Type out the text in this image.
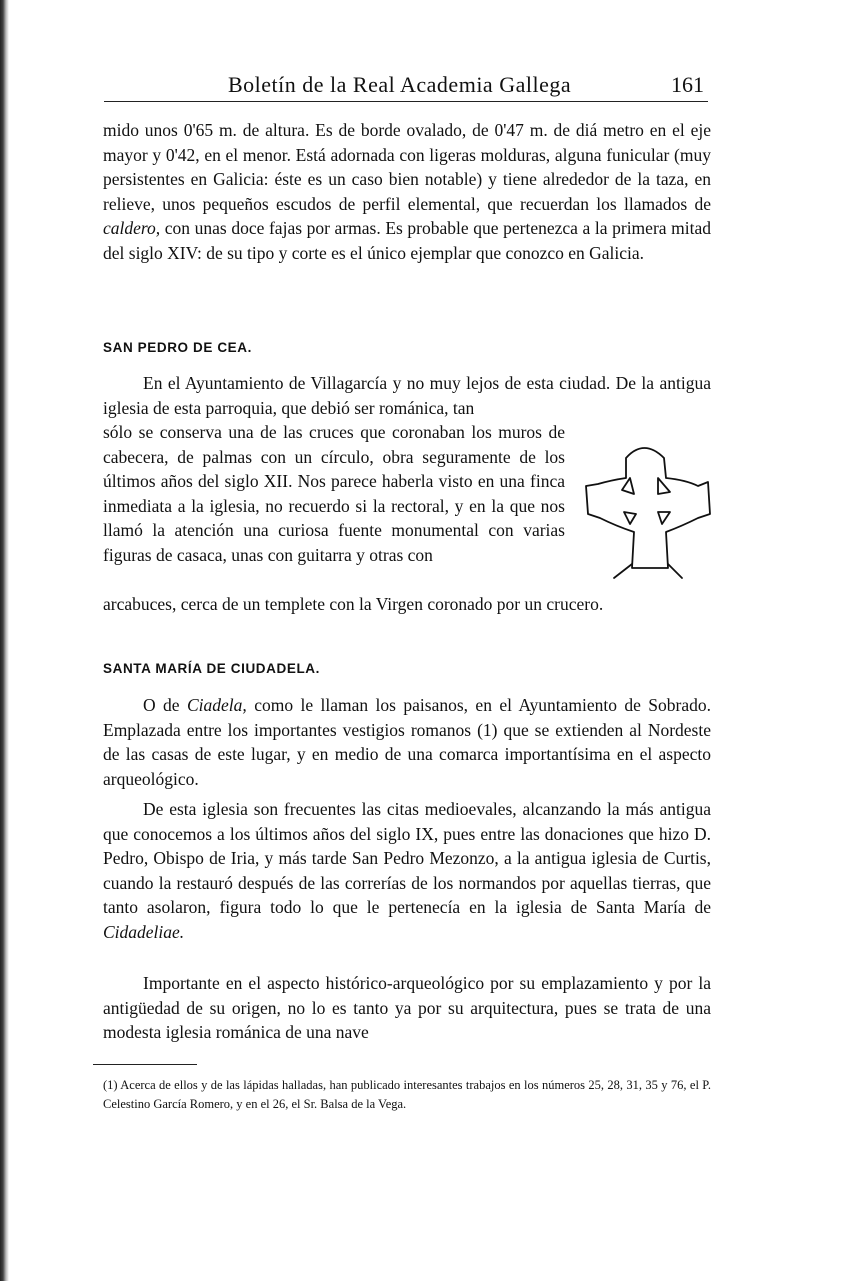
Boletín de la Real Academia Gallega	161

mido unos 0'65 m. de altura. Es de borde ovalado, de 0'47 m. de diá metro en el eje mayor y 0'42, en el menor. Está adornada con ligeras molduras, alguna funicular (muy persistentes en Galicia: éste es un caso bien notable) y tiene alrededor de la taza, en relieve, unos pequeños escudos de perfil elemental, que recuerdan los llamados de caldero, con unas doce fajas por armas. Es probable que pertenezca a la primera mitad del siglo XIV: de su tipo y corte es el único ejemplar que conozco en Galicia.

SAN PEDRO DE CEA.

En el Ayuntamiento de Villagarcía y no muy lejos de esta ciudad. De la antigua iglesia de esta parroquia, que debió ser románica, tan

sólo se conserva una de las cruces que coronaban los muros de cabecera, de palmas con un círculo, obra seguramente de los últimos años del siglo XII. Nos parece haberla visto en una finca inmediata a la iglesia, no recuerdo si la rectoral, y en la que nos llamó la atención una curiosa fuente monumental con varias figuras de casaca, unas con guitarra y otras con

arcabuces, cerca de un templete con la Virgen coronado por un crucero.

SANTA MARÍA DE CIUDADELA.

O de Ciadela, como le llaman los paisanos, en el Ayuntamiento de Sobrado. Emplazada entre los importantes vestigios romanos (1) que se extienden al Nordeste de las casas de este lugar, y en medio de una comarca importantísima en el aspecto arqueológico.

De esta iglesia son frecuentes las citas medioevales, alcanzando la más antigua que conocemos a los últimos años del siglo IX, pues entre las donaciones que hizo D. Pedro, Obispo de Iria, y más tarde San Pedro Mezonzo, a la antigua iglesia de Curtis, cuando la restauró después de las correrías de los normandos por aquellas tierras, que tanto asolaron, figura todo lo que le pertenecía en la iglesia de Santa María de Cidadeliae.

Importante en el aspecto histórico-arqueológico por su emplazamiento y por la antigüedad de su origen, no lo es tanto ya por su arquitectura, pues se trata de una modesta iglesia románica de una nave

(1) Acerca de ellos y de las lápidas halladas, han publicado interesantes trabajos en los números 25, 28, 31, 35 y 76, el P. Celestino García Romero, y en el 26, el Sr. Balsa de la Vega.
